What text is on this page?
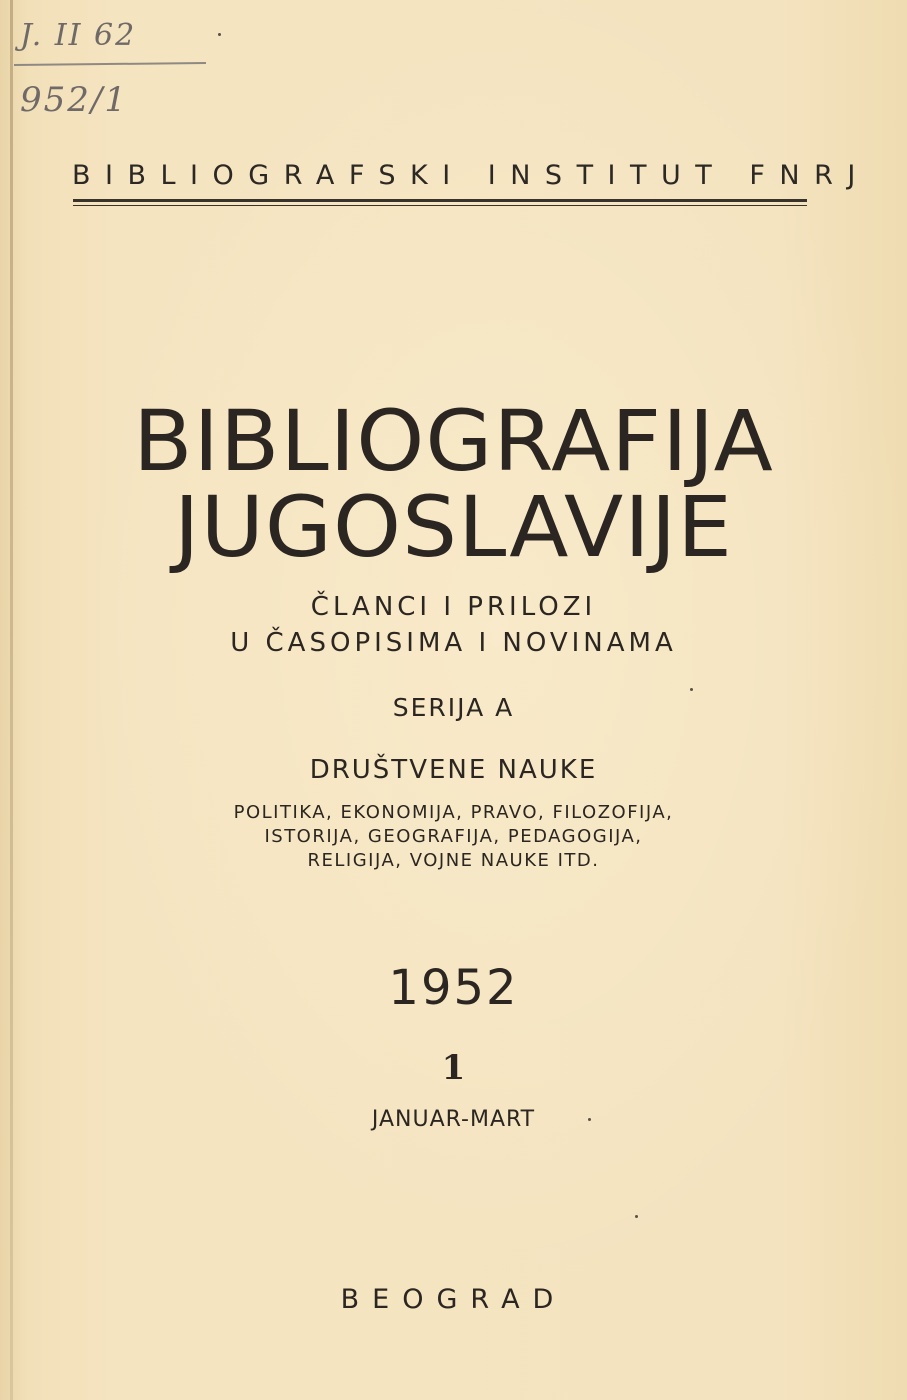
J. II 62
952/1
BIBLIOGRAFSKI INSTITUT FNRJ
BIBLIOGRAFIJA
JUGOSLAVIJE
ČLANCI I PRILOZI
U ČASOPISIMA I NOVINAMA
SERIJA A
DRUŠTVENE NAUKE
POLITIKA, EKONOMIJA, PRAVO, FILOZOFIJA,
ISTORIJA, GEOGRAFIJA, PEDAGOGIJA,
RELIGIJA, VOJNE NAUKE ITD.
1952
1
JANUAR-MART
BEOGRAD
